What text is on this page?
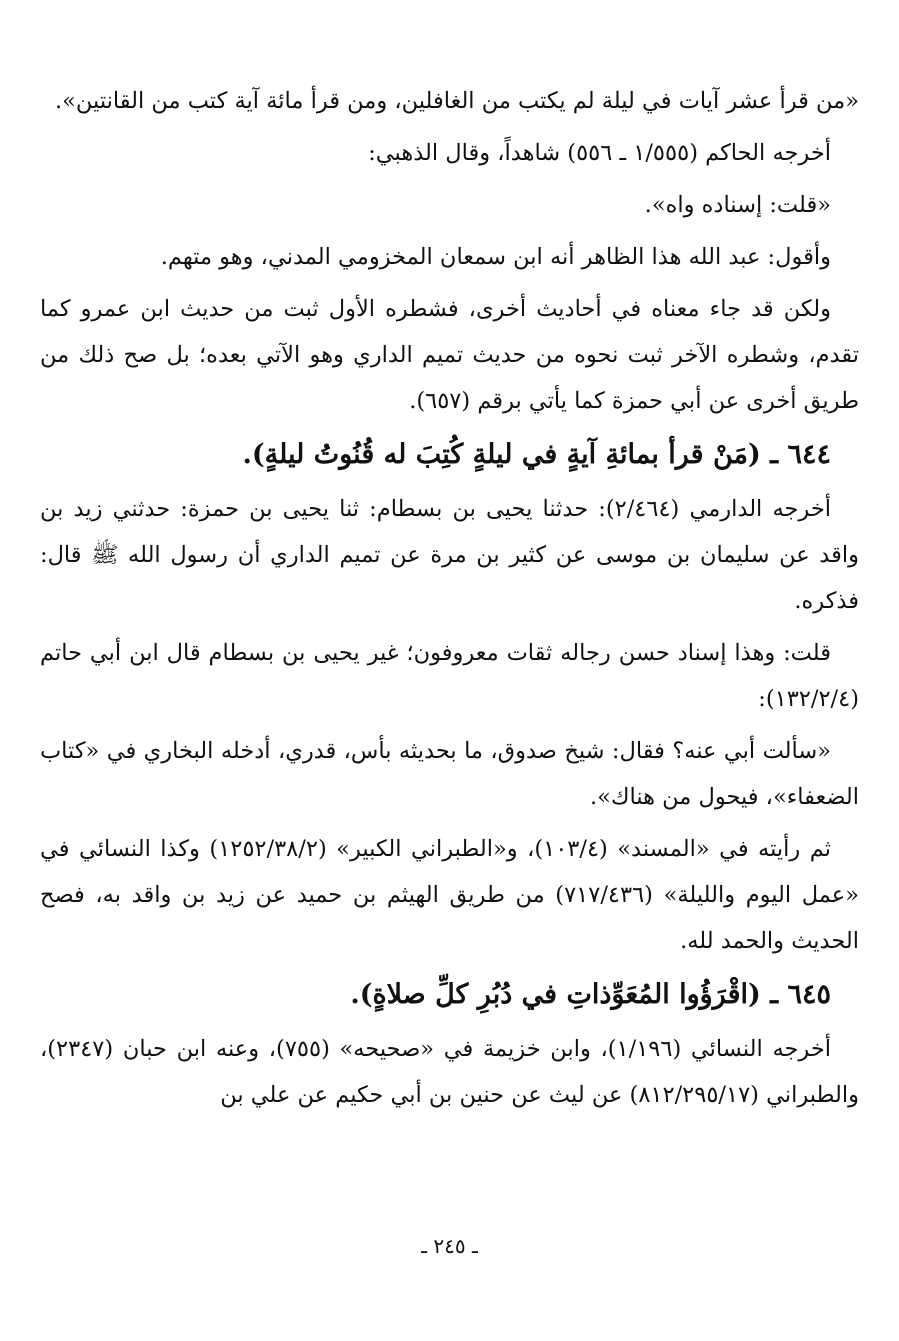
«من قرأ عشر آيات في ليلة لم يكتب من الغافلين، ومن قرأ مائة آية كتب من القانتين».

أخرجه الحاكم (١/٥٥٥ ـ ٥٥٦) شاهداً، وقال الذهبي:

«قلت: إسناده واه».

وأقول: عبد الله هذا الظاهر أنه ابن سمعان المخزومي المدني، وهو متهم.

ولكن قد جاء معناه في أحاديث أخرى، فشطره الأول ثبت من حديث ابن عمرو كما تقدم، وشطره الآخر ثبت نحوه من حديث تميم الداري وهو الآتي بعده؛ بل صح ذلك من طريق أخرى عن أبي حمزة كما يأتي برقم (٦٥٧).

٦٤٤ ـ (مَنْ قرأ بمائةِ آيةٍ في ليلةٍ كُتِبَ له قُنُوتُ ليلةٍ).

أخرجه الدارمي (٢/٤٦٤): حدثنا يحيى بن بسطام: ثنا يحيى بن حمزة: حدثني زيد بن واقد عن سليمان بن موسى عن كثير بن مرة عن تميم الداري أن رسول الله ﷺ قال: فذكره.

قلت: وهذا إسناد حسن رجاله ثقات معروفون؛ غير يحيى بن بسطام قال ابن أبي حاتم (١٣٢/٢/٤):

«سألت أبي عنه؟ فقال: شيخ صدوق، ما بحديثه بأس، قدري، أدخله البخاري في «كتاب الضعفاء»، فيحول من هناك».

ثم رأيته في «المسند» (١٠٣/٤)، و«الطبراني الكبير» (١٢٥٢/٣٨/٢) وكذا النسائي في «عمل اليوم والليلة» (٧١٧/٤٣٦) من طريق الهيثم بن حميد عن زيد بن واقد به، فصح الحديث والحمد لله.

٦٤٥ ـ (اقْرَؤُوا المُعَوِّذاتِ في دُبُرِ كلِّ صلاةٍ).

أخرجه النسائي (١/١٩٦)، وابن خزيمة في «صحيحه» (٧٥٥)، وعنه ابن حبان (٢٣٤٧)، والطبراني (٨١٢/٢٩٥/١٧) عن ليث عن حنين بن أبي حكيم عن علي بن

ـ ٢٤٥ ـ
